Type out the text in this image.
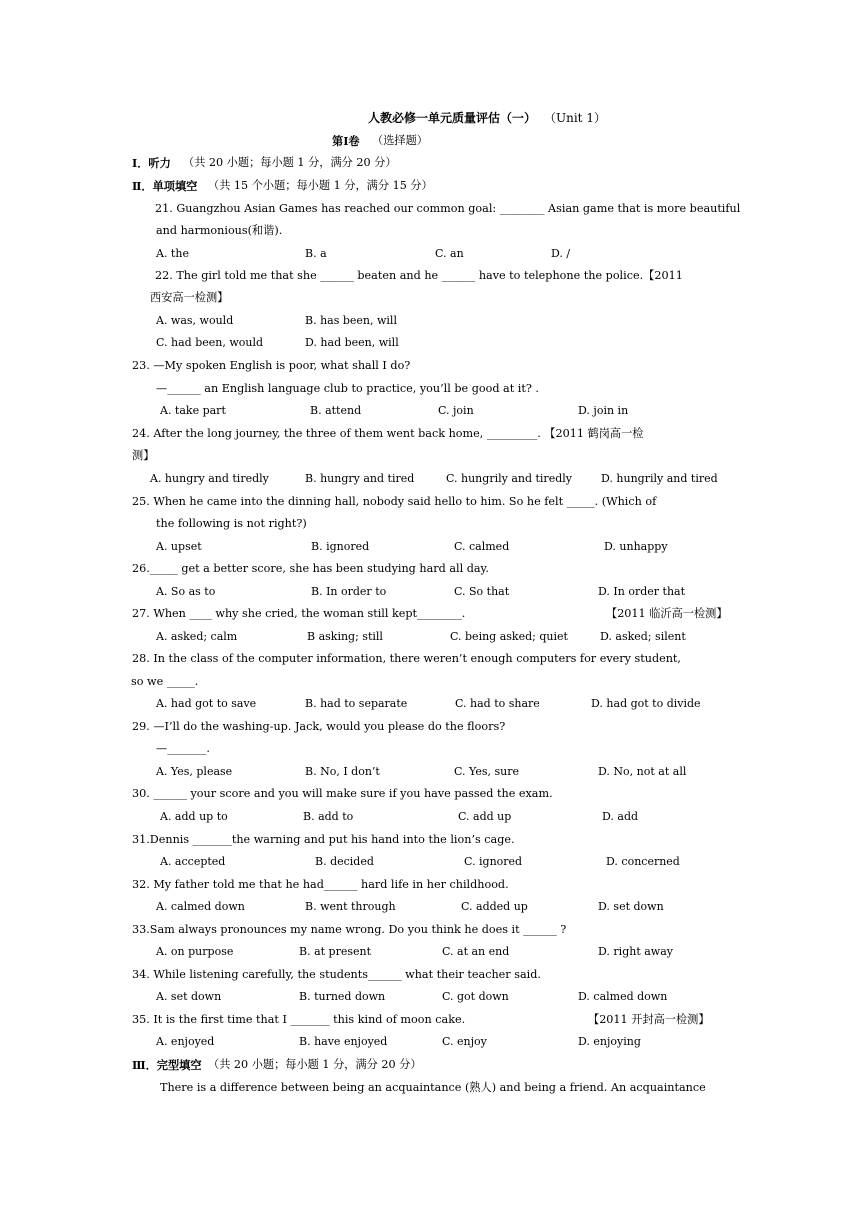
人教必修一单元质量评估（一） （Unit 1）
第Ⅰ卷 （选择题）
Ⅰ．听力 （共 20 小题；每小题 1 分，满分 20 分）
Ⅱ．单项填空 （共 15 个小题；每小题 1 分，满分 15 分）
21. Guangzhou Asian Games has reached our common goal: ________ Asian game that is more beautiful
and harmonious(和谐).
A. the	B. a	C. an	D. /
22. The girl told me that she ______ beaten and he ______ have to telephone the police.【2011
西安高一检测】
A. was, would	B. has been, will
C. had been, would	D. had been, will
23. —My spoken English is poor, what shall I do?
—______ an English language club to practice, you’ll be good at it? .
A. take part	B. attend	C. join	D. join in
24. After the long journey, the three of them went back home, _________. 【2011 鹤岗高一检
测】
A. hungry and tiredly	B. hungry and tired	C. hungrily and tiredly	D. hungrily and tired
25. When he came into the dinning hall, nobody said hello to him. So he felt _____. (Which of
the following is not right?)
A. upset	B. ignored	C. calmed	D. unhappy
26._____ get a better score, she has been studying hard all day.
A. So as to	B. In order to	C. So that	D. In order that
27. When ____ why she cried, the woman still kept________.	【2011 临沂高一检测】
A. asked; calm	B asking; still	C. being asked; quiet	D. asked; silent
28. In the class of the computer information, there weren’t enough computers for every student,
so we _____.
A. had got to save	B. had to separate	C. had to share	D. had got to divide
29. —I’ll do the washing-up. Jack, would you please do the floors?
—_______.
A. Yes, please	B. No, I don’t	C. Yes, sure	D. No, not at all
30. ______ your score and you will make sure if you have passed the exam.
A. add up to	B. add to	C. add up	D. add
31.Dennis _______the warning and put his hand into the lion’s cage.
A. accepted	B. decided	C. ignored	D. concerned
32. My father told me that he had______ hard life in her childhood.
A. calmed down	B. went through	C. added up	D. set down
33.Sam always pronounces my name wrong. Do you think he does it ______ ?
A. on purpose	B. at present	C. at an end	D. right away
34. While listening carefully, the students______ what their teacher said.
A. set down	B. turned down	C. got down	D. calmed down
35. It is the first time that I _______ this kind of moon cake.	【2011 开封高一检测】
A. enjoyed	B. have enjoyed	C. enjoy	D. enjoying
Ⅲ．完型填空 （共 20 小题；每小题 1 分，满分 20 分）
There is a difference between being an acquaintance (熟人) and being a friend. An acquaintance
